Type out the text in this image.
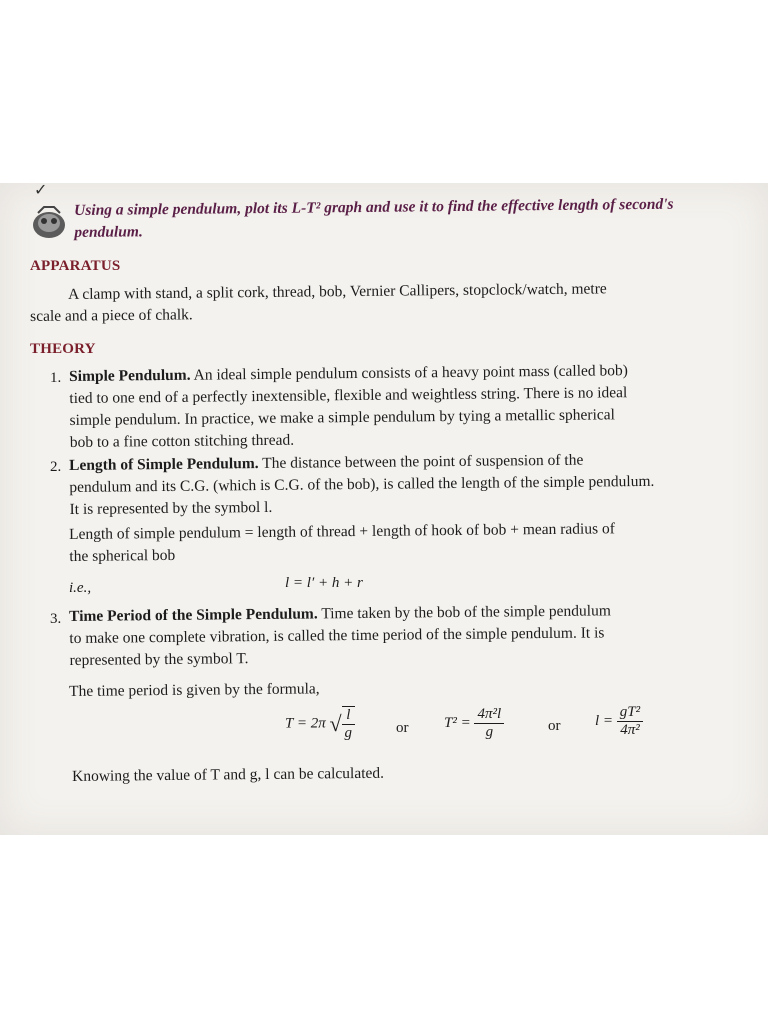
✓
Using a simple pendulum, plot its L-T² graph and use it to find the effective length of second's pendulum.
APPARATUS
A clamp with stand, a split cork, thread, bob, Vernier Callipers, stopclock/watch, metre
scale and a piece of chalk.
THEORY
1. Simple Pendulum. An ideal simple pendulum consists of a heavy point mass (called bob)
tied to one end of a perfectly inextensible, flexible and weightless string. There is no ideal
simple pendulum. In practice, we make a simple pendulum by tying a metallic spherical
bob to a fine cotton stitching thread.
2. Length of Simple Pendulum. The distance between the point of suspension of the
pendulum and its C.G. (which is C.G. of the bob), is called the length of the simple pendulum.
It is represented by the symbol l.
Length of simple pendulum = length of thread + length of hook of bob + mean radius of
the spherical bob
i.e.,	l = l′ + h + r
3. Time Period of the Simple Pendulum. Time taken by the bob of the simple pendulum
to make one complete vibration, is called the time period of the simple pendulum. It is
represented by the symbol T.
The time period is given by the formula,
T = 2π √ $\frac{l}{g}$	or $T^2 = \frac{\text{4π²l}}{g}$	or $l = \frac{\text{gT²}}{\text{4π²}}$
Knowing the value of T and g, l can be calculated.
